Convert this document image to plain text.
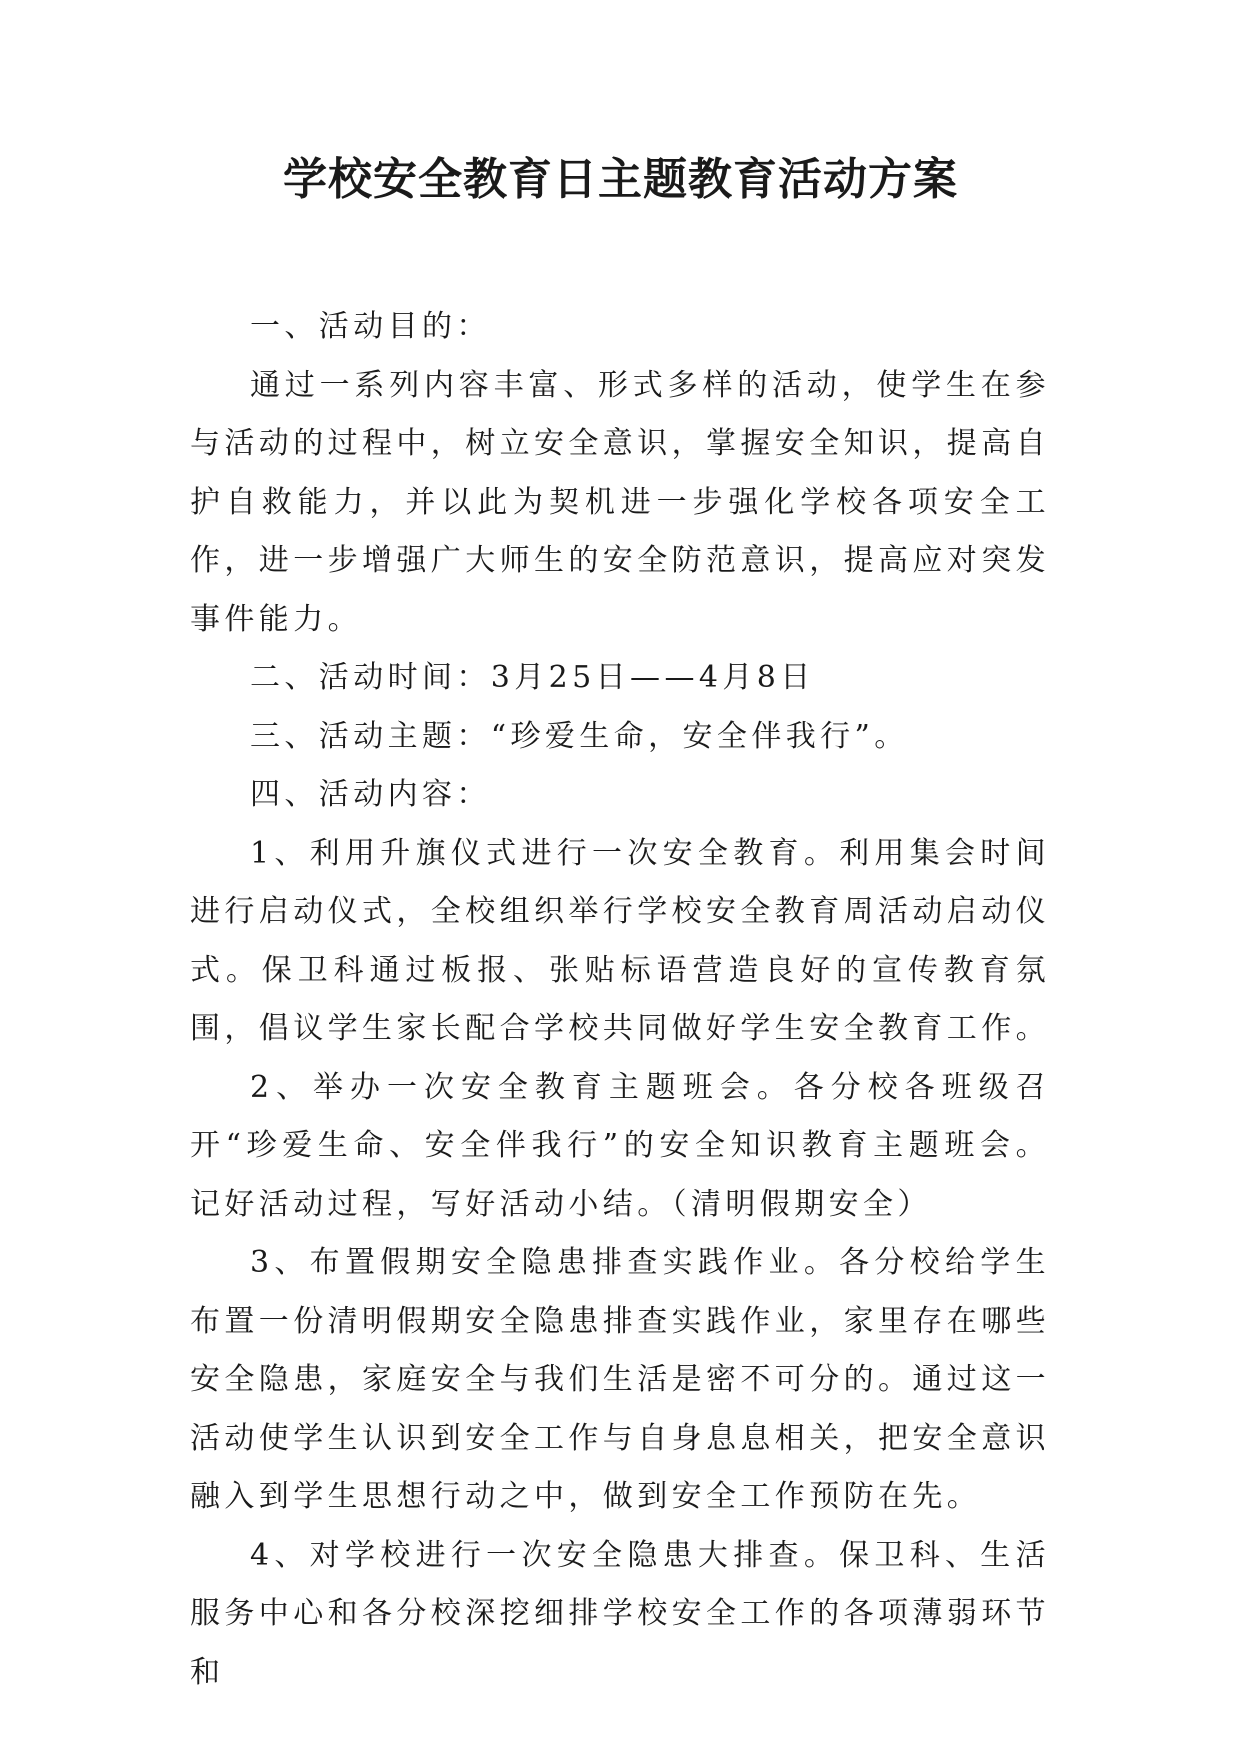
学校安全教育日主题教育活动方案

一、活动目的：

通过一系列内容丰富、形式多样的活动，使学生在参与活动的过程中，树立安全意识，掌握安全知识，提高自护自救能力，并以此为契机进一步强化学校各项安全工作，进一步增强广大师生的安全防范意识，提高应对突发事件能力。

二、活动时间：3月25日——4月8日

三、活动主题：“珍爱生命，安全伴我行”。

四、活动内容：

1、利用升旗仪式进行一次安全教育。利用集会时间进行启动仪式，全校组织举行学校安全教育周活动启动仪式。保卫科通过板报、张贴标语营造良好的宣传教育氛围，倡议学生家长配合学校共同做好学生安全教育工作。

2、举办一次安全教育主题班会。各分校各班级召开“珍爱生命、安全伴我行”的安全知识教育主题班会。记好活动过程，写好活动小结。（清明假期安全）

3、布置假期安全隐患排查实践作业。各分校给学生布置一份清明假期安全隐患排查实践作业，家里存在哪些安全隐患，家庭安全与我们生活是密不可分的。通过这一活动使学生认识到安全工作与自身息息相关，把安全意识融入到学生思想行动之中，做到安全工作预防在先。

4、对学校进行一次安全隐患大排查。保卫科、生活服务中心和各分校深挖细排学校安全工作的各项薄弱环节和
